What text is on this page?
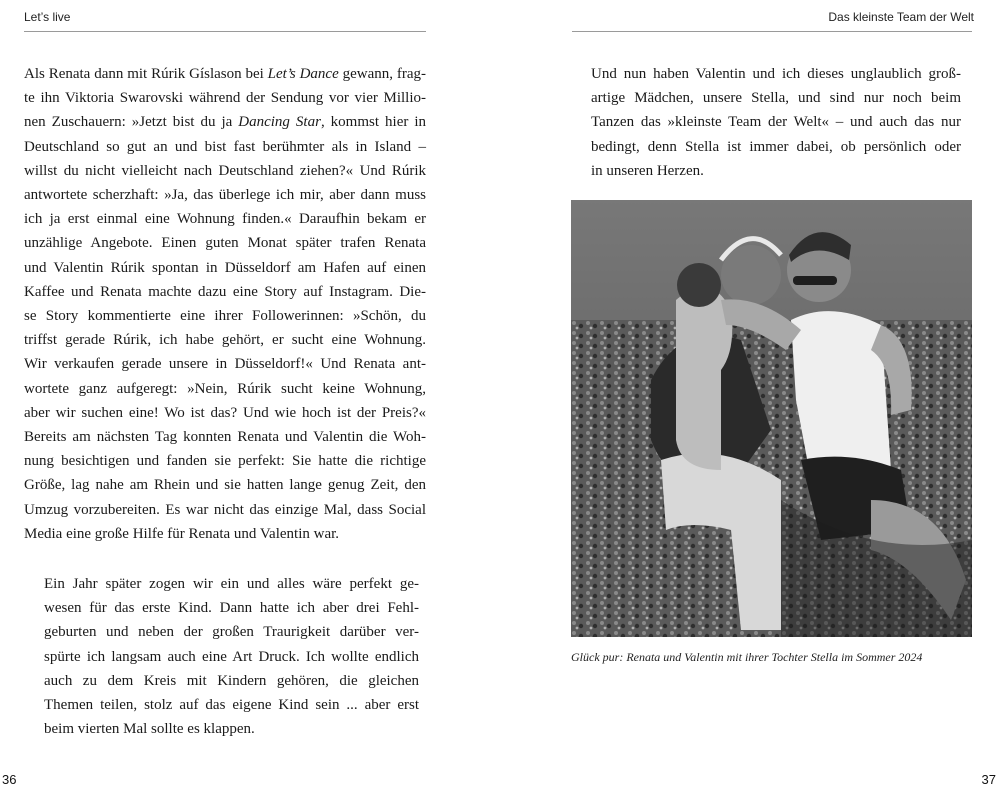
Let’s live	Das kleinste Team der Welt
Als Renata dann mit Rúrik Gíslason bei Let’s Dance gewann, frag-
te ihn Viktoria Swarovski während der Sendung vor vier Millio-
nen Zuschauern: »Jetzt bist du ja Dancing Star, kommst hier in
Deutschland so gut an und bist fast berühmter als in Island –
willst du nicht vielleicht nach Deutschland ziehen?« Und Rúrik
antwortete scherzhaft: »Ja, das überlege ich mir, aber dann muss
ich ja erst einmal eine Wohnung finden.« Daraufhin bekam er
unzählige Angebote. Einen guten Monat später trafen Renata
und Valentin Rúrik spontan in Düsseldorf am Hafen auf einen
Kaffee und Renata machte dazu eine Story auf Instagram. Die-
se Story kommentierte eine ihrer Followerinnen: »Schön, du
triffst gerade Rúrik, ich habe gehört, er sucht eine Wohnung.
Wir verkaufen gerade unsere in Düsseldorf!« Und Renata ant-
wortete ganz aufgeregt: »Nein, Rúrik sucht keine Wohnung,
aber wir suchen eine! Wo ist das? Und wie hoch ist der Preis?«
Bereits am nächsten Tag konnten Renata und Valentin die Woh-
nung besichtigen und fanden sie perfekt: Sie hatte die richtige
Größe, lag nahe am Rhein und sie hatten lange genug Zeit, den
Umzug vorzubereiten. Es war nicht das einzige Mal, dass Social
Media eine große Hilfe für Renata und Valentin war.
Ein Jahr später zogen wir ein und alles wäre perfekt ge-
wesen für das erste Kind. Dann hatte ich aber drei Fehl-
geburten und neben der großen Traurigkeit darüber ver-
spürte ich langsam auch eine Art Druck. Ich wollte endlich
auch zu dem Kreis mit Kindern gehören, die gleichen
Themen teilen, stolz auf das eigene Kind sein ... aber erst
beim vierten Mal sollte es klappen.
Und nun haben Valentin und ich dieses unglaublich groß-
artige Mädchen, unsere Stella, und sind nur noch beim
Tanzen das »kleinste Team der Welt« – und auch das nur
bedingt, denn Stella ist immer dabei, ob persönlich oder
in unseren Herzen.
Glück pur: Renata und Valentin mit ihrer Tochter Stella im Sommer 2024
36	37
